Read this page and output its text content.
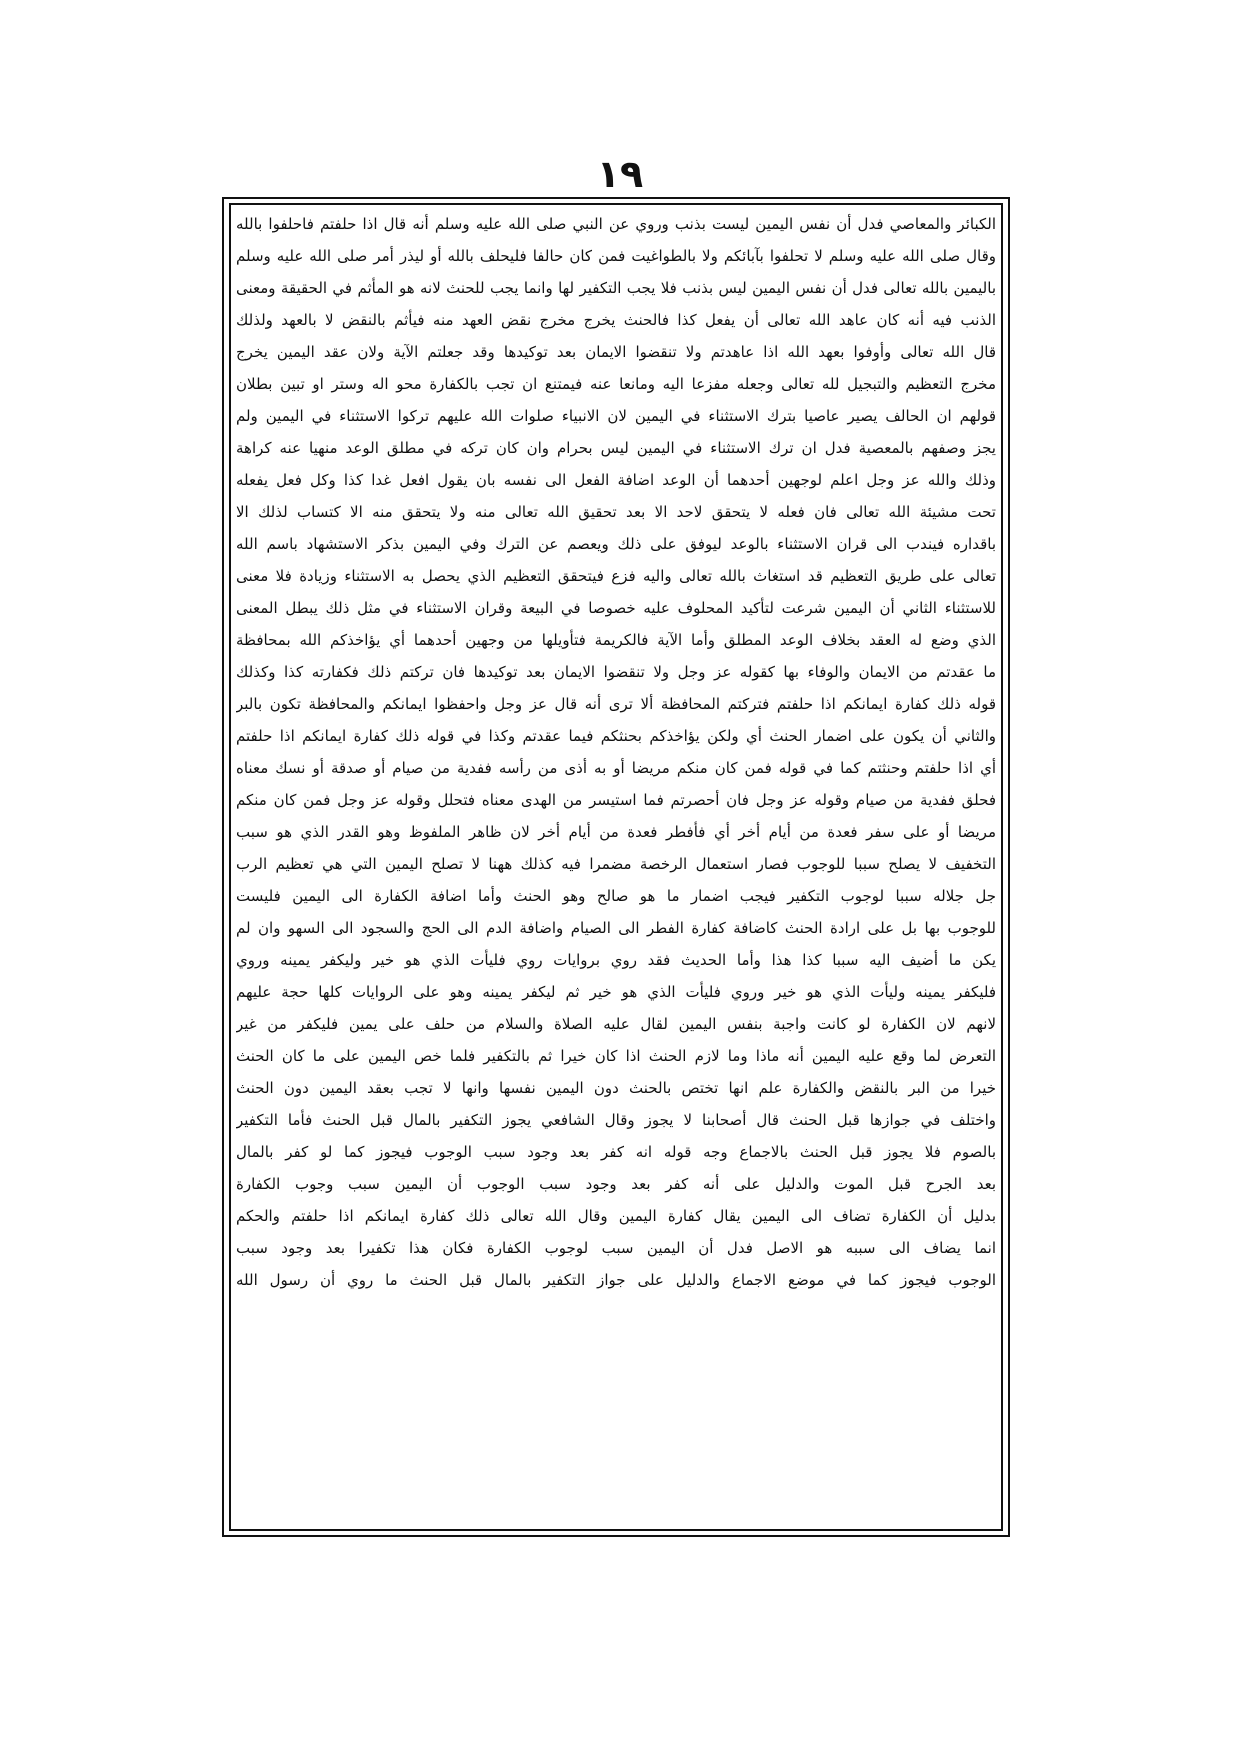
١٩
الكبائر والمعاصي فدل أن نفس اليمين ليست بذنب وروي عن النبي صلى الله عليه وسلم أنه قال اذا حلفتم فاحلفوا بالله
وقال صلى الله عليه وسلم لا تحلفوا بآبائكم ولا بالطواغيت فمن كان حالفا فليحلف بالله أو ليذر أمر صلى الله عليه وسلم
باليمين بالله تعالى فدل أن نفس اليمين ليس بذنب فلا يجب التكفير لها وانما يجب للحنث لانه هو المأثم في الحقيقة ومعنى
الذنب فيه أنه كان عاهد الله تعالى أن يفعل كذا فالحنث يخرج مخرج نقض العهد منه فيأثم بالنقض لا بالعهد ولذلك
قال الله تعالى وأوفوا بعهد الله اذا عاهدتم ولا تنقضوا الايمان بعد توكيدها وقد جعلتم الآية ولان عقد اليمين يخرج
مخرج التعظيم والتبجيل لله تعالى وجعله مفزعا اليه ومانعا عنه فيمتنع ان تجب بالكفارة محو اله وستر او تبين بطلان
قولهم ان الحالف يصير عاصيا بترك الاستثناء في اليمين لان الانبياء صلوات الله عليهم تركوا الاستثناء في اليمين ولم
يجز وصفهم بالمعصية فدل ان ترك الاستثناء في اليمين ليس بحرام وان كان تركه في مطلق الوعد منهيا عنه كراهة
وذلك والله عز وجل اعلم لوجهين أحدهما أن الوعد اضافة الفعل الى نفسه بان يقول افعل غدا كذا وكل فعل يفعله
تحت مشيئة الله تعالى فان فعله لا يتحقق لاحد الا بعد تحقيق الله تعالى منه ولا يتحقق منه الا كتساب لذلك الا
باقداره فيندب الى قران الاستثناء بالوعد ليوفق على ذلك ويعصم عن الترك وفي اليمين بذكر الاستشهاد باسم الله
تعالى على طريق التعظيم قد استغاث بالله تعالى واليه فزع فيتحقق التعظيم الذي يحصل به الاستثناء وزيادة فلا معنى
للاستثناء الثاني أن اليمين شرعت لتأكيد المحلوف عليه خصوصا في البيعة وقران الاستثناء في مثل ذلك يبطل المعنى
الذي وضع له العقد بخلاف الوعد المطلق وأما الآية فالكريمة فتأويلها من وجهين أحدهما أي يؤاخذكم الله بمحافظة
ما عقدتم من الايمان والوفاء بها كقوله عز وجل ولا تنقضوا الايمان بعد توكيدها فان تركتم ذلك فكفارته كذا وكذلك
قوله ذلك كفارة ايمانكم اذا حلفتم فتركتم المحافظة ألا ترى أنه قال عز وجل واحفظوا ايمانكم والمحافظة تكون بالبر
والثاني أن يكون على اضمار الحنث أي ولكن يؤاخذكم بحنثكم فيما عقدتم وكذا في قوله ذلك كفارة ايمانكم اذا حلفتم
أي اذا حلفتم وحنثتم كما في قوله فمن كان منكم مريضا أو به أذى من رأسه ففدية من صيام أو صدقة أو نسك معناه
فحلق ففدية من صيام وقوله عز وجل فان أحصرتم فما استيسر من الهدى معناه فتحلل وقوله عز وجل فمن كان منكم
مريضا أو على سفر فعدة من أيام أخر أي فأفطر فعدة من أيام أخر لان ظاهر الملفوظ وهو القدر الذي هو سبب
التخفيف لا يصلح سببا للوجوب فصار استعمال الرخصة مضمرا فيه كذلك ههنا لا تصلح اليمين التي هي تعظيم الرب
جل جلاله سببا لوجوب التكفير فيجب اضمار ما هو صالح وهو الحنث وأما اضافة الكفارة الى اليمين فليست
للوجوب بها بل على ارادة الحنث كاضافة كفارة الفطر الى الصيام واضافة الدم الى الحج والسجود الى السهو وان لم
يكن ما أضيف اليه سببا كذا هذا وأما الحديث فقد روي بروايات روي فليأت الذي هو خير وليكفر يمينه وروي
فليكفر يمينه وليأت الذي هو خير وروي فليأت الذي هو خير ثم ليكفر يمينه وهو على الروايات كلها حجة عليهم
لانهم لان الكفارة لو كانت واجبة بنفس اليمين لقال عليه الصلاة والسلام من حلف على يمين فليكفر من غير
التعرض لما وقع عليه اليمين أنه ماذا وما لازم الحنث اذا كان خيرا ثم بالتكفير فلما خص اليمين على ما كان الحنث
خيرا من البر بالنقض والكفارة علم انها تختص بالحنث دون اليمين نفسها وانها لا تجب بعقد اليمين دون الحنث
واختلف في جوازها قبل الحنث قال أصحابنا لا يجوز وقال الشافعي يجوز التكفير بالمال قبل الحنث فأما التكفير
بالصوم فلا يجوز قبل الحنث بالاجماع وجه قوله انه كفر بعد وجود سبب الوجوب فيجوز كما لو كفر بالمال
بعد الجرح قبل الموت والدليل على أنه كفر بعد وجود سبب الوجوب أن اليمين سبب وجوب الكفارة
بدليل أن الكفارة تضاف الى اليمين يقال كفارة اليمين وقال الله تعالى ذلك كفارة ايمانكم اذا حلفتم والحكم
انما يضاف الى سببه هو الاصل فدل أن اليمين سبب لوجوب الكفارة فكان هذا تكفيرا بعد وجود سبب
الوجوب فيجوز كما في موضع الاجماع والدليل على جواز التكفير بالمال قبل الحنث ما روي أن رسول الله
